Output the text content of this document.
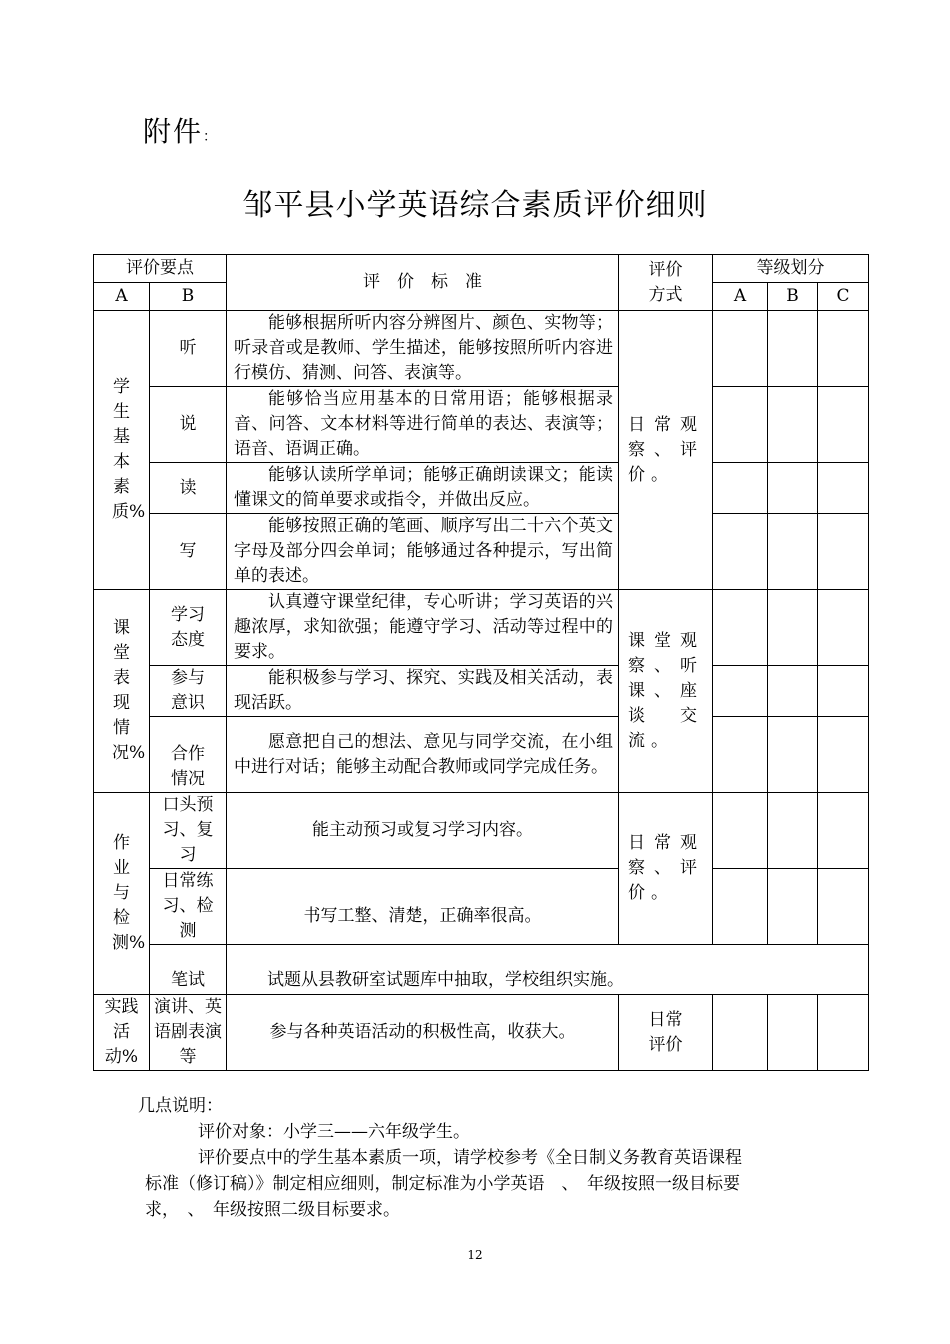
附件：
邹平县小学英语综合素质评价细则
评价要点		评　价　标　准	评价方式	等级划分		
A	B			A	B	C
学生基本素质%	听	能够根据所听内容分辨图片、颜色、实物等；听录音或是教师、学生描述，能够按照所听内容进行模仿、猜测、问答、表演等。	日常观察、评价。			
	说	能够恰当应用基本的日常用语；能够根据录音、问答、文本材料等进行简单的表达、表演等；语音、语调正确。				
	读	能够认读所学单词；能够正确朗读课文；能读懂课文的简单要求或指令，并做出反应。				
	写	能够按照正确的笔画、顺序写出二十六个英文字母及部分四会单词；能够通过各种提示，写出简单的表述。				
课堂表现情况%	学习态度	认真遵守课堂纪律，专心听讲；学习英语的兴趣浓厚，求知欲强；能遵守学习、活动等过程中的要求。	课堂观察、听课、座谈交流。			
	参与意识	能积极参与学习、探究、实践及相关活动，表现活跃。				
	合作情况	愿意把自己的想法、意见与同学交流，在小组中进行对话；能够主动配合教师或同学完成任务。				
作业与检测%	口头预习、复习	能主动预习或复习学习内容。	日常观察、评价。			
	日常练习、检测	书写工整、清楚，正确率很高。				
	笔试	试题从县教研室试题库中抽取，学校组织实施。				
实践活动%	演讲、英语剧表演等	参与各种英语活动的积极性高，收获大。	日常评价			

几点说明：

评价对象：小学三——六年级学生。

评价要点中的学生基本素质一项，请学校参考《全日制义务教育英语课程

标准（修订稿）》制定相应细则，制定标准为小学英语　、　年级按照一级目标要

求，　、　年级按照二级目标要求。

12
